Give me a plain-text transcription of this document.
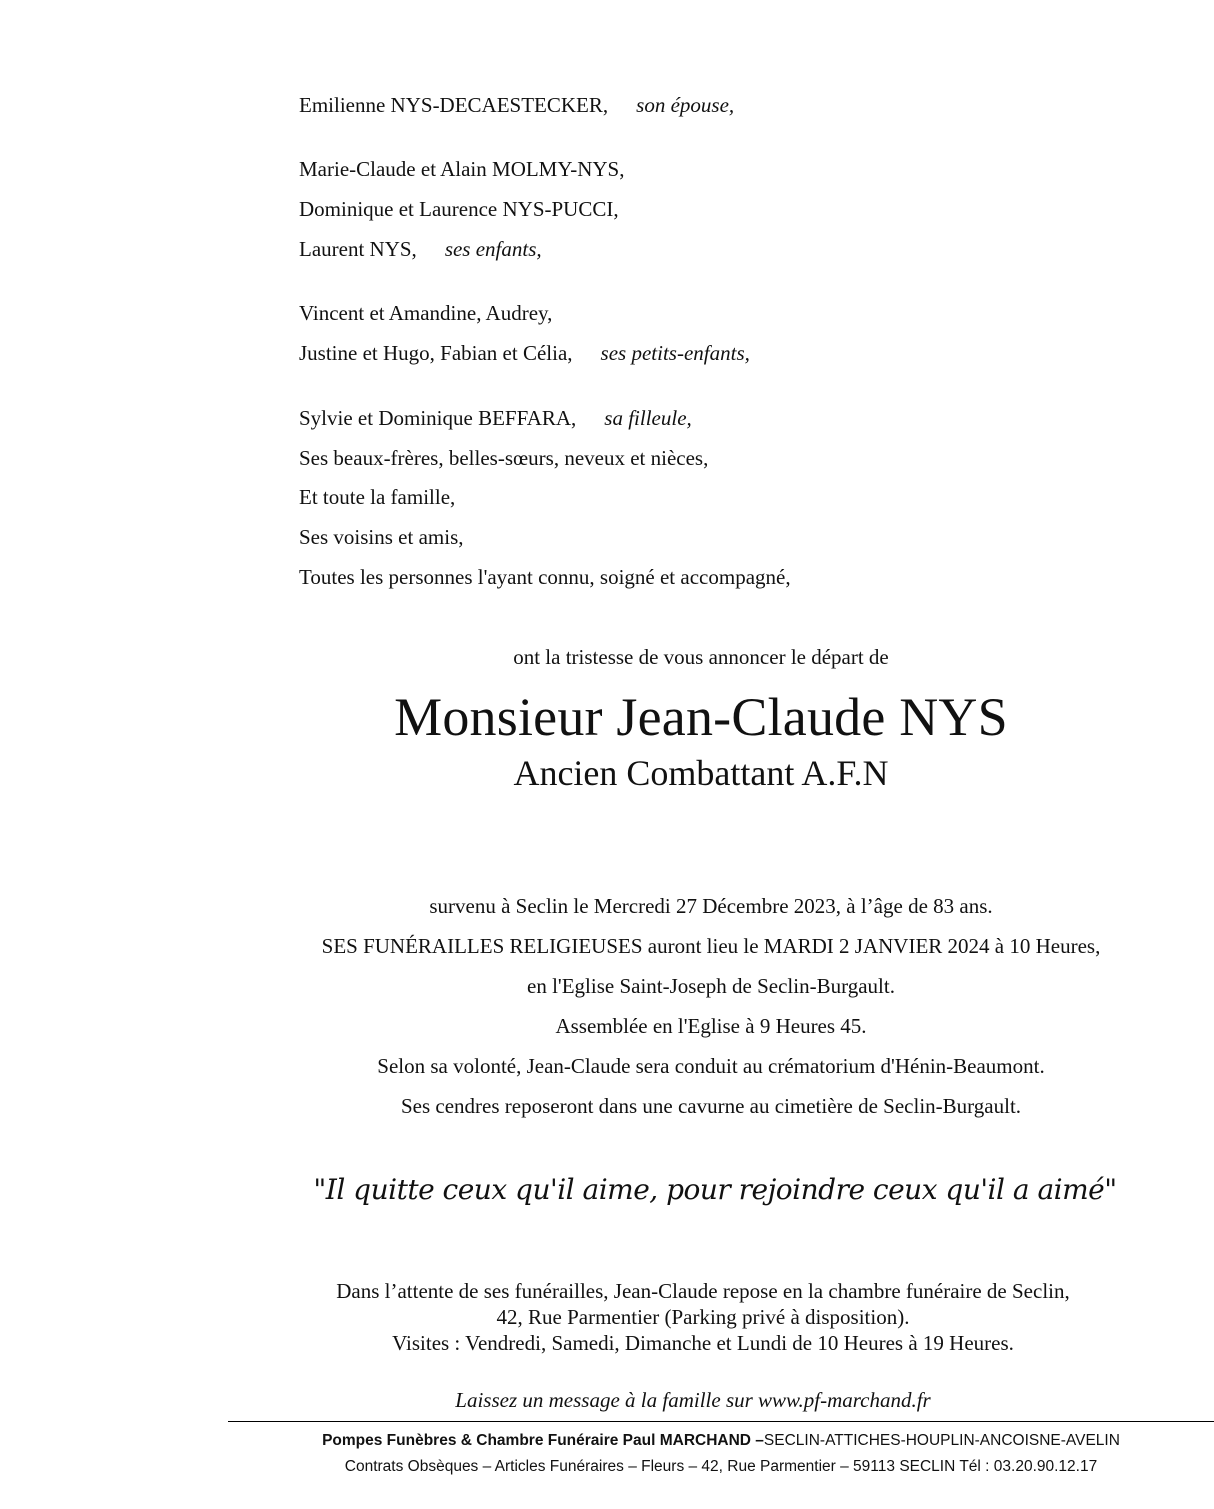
Emilienne NYS-DECAESTECKER, son épouse,
Marie-Claude et Alain MOLMY-NYS,
Dominique et Laurence NYS-PUCCI,
Laurent NYS, ses enfants,
Vincent et Amandine, Audrey,
Justine et Hugo, Fabian et Célia, ses petits-enfants,
Sylvie et Dominique BEFFARA, sa filleule,
Ses beaux-frères, belles-sœurs, neveux et nièces,
Et toute la famille,
Ses voisins et amis,
Toutes les personnes l'ayant connu, soigné et accompagné,
ont la tristesse de vous annoncer le départ de
Monsieur Jean-Claude NYS
Ancien Combattant A.F.N
survenu à Seclin le Mercredi 27 Décembre 2023, à l’âge de 83 ans.
SES FUNÉRAILLES RELIGIEUSES auront lieu le MARDI 2 JANVIER 2024 à 10 Heures,
en l'Eglise Saint-Joseph de Seclin-Burgault.
Assemblée en l'Eglise à 9 Heures 45.
Selon sa volonté, Jean-Claude sera conduit au crématorium d'Hénin-Beaumont.
Ses cendres reposeront dans une cavurne au cimetière de Seclin-Burgault.
"Il quitte ceux qu'il aime, pour rejoindre ceux qu'il a aimé"
Dans l’attente de ses funérailles, Jean-Claude repose en la chambre funéraire de Seclin,
42, Rue Parmentier (Parking privé à disposition).
Visites : Vendredi, Samedi, Dimanche et Lundi de 10 Heures à 19 Heures.
Laissez un message à la famille sur www.pf-marchand.fr
Pompes Funèbres & Chambre Funéraire Paul MARCHAND –SECLIN-ATTICHES-HOUPLIN-ANCOISNE-AVELIN
Contrats Obsèques – Articles Funéraires – Fleurs – 42, Rue Parmentier – 59113 SECLIN Tél : 03.20.90.12.17
